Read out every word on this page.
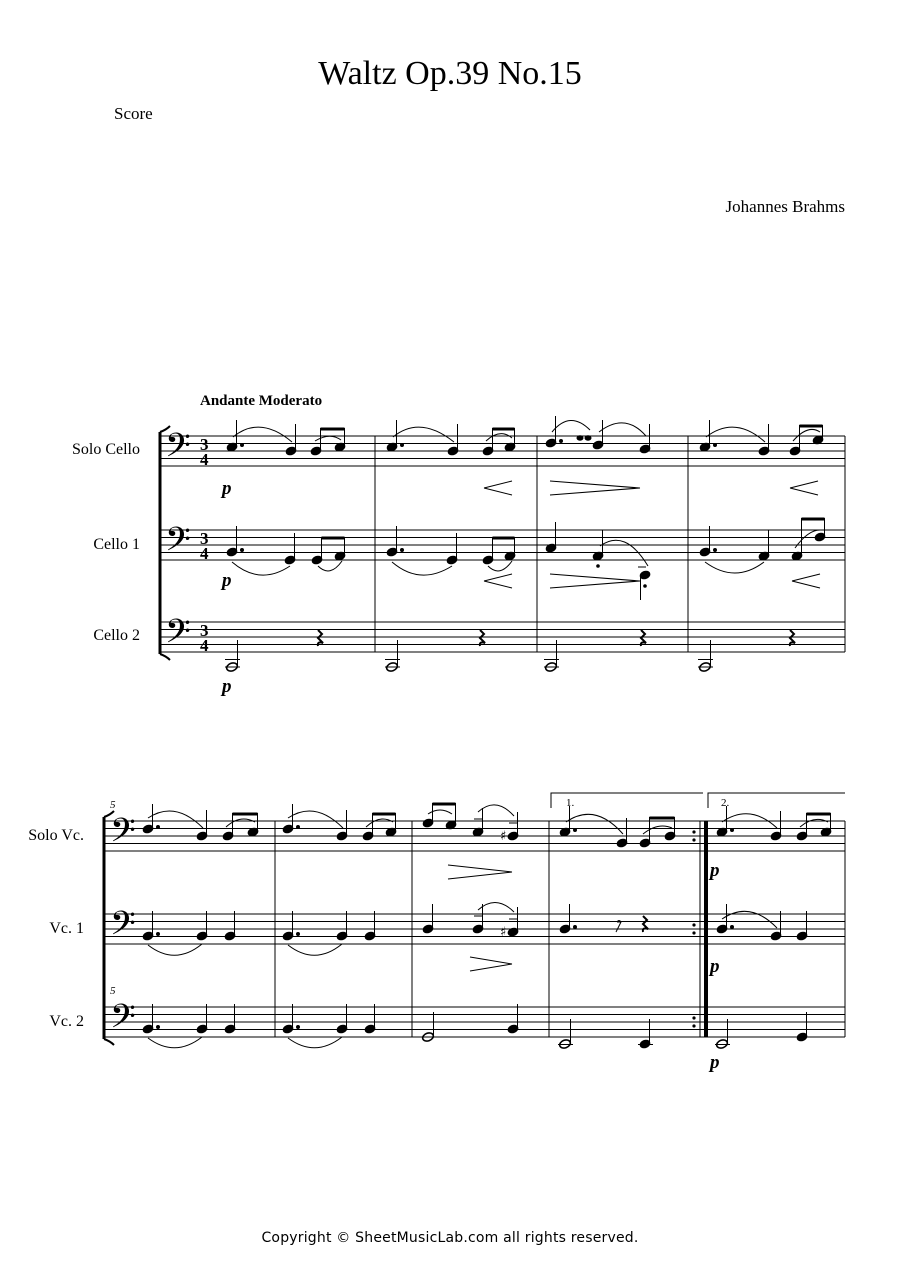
Waltz Op.39 No.15
Score
Johannes Brahms
Andante Moderato
Solo Cello
Cello 1
Cello 2
Solo Vc.
Vc. 1
Vc. 2
𝄢
𝄢
𝄢
3
4
3
4
3
4
p
p
p
𝄢
𝄢
𝄢
5
5
1.	2.
♯
♯
p
p
p
Copyright © SheetMusicLab.com all rights reserved.
